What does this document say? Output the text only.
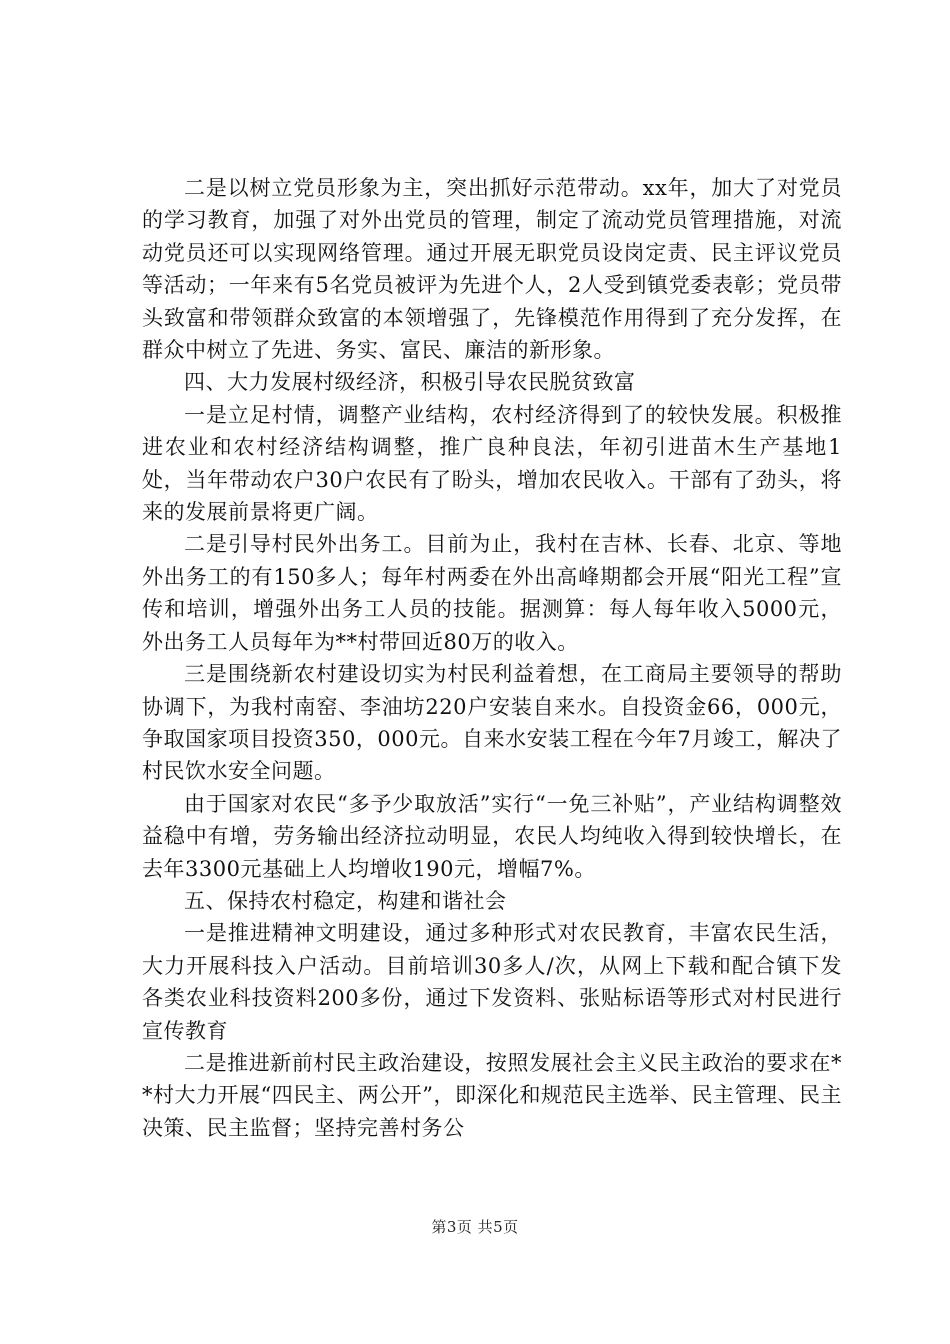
二是以树立党员形象为主，突出抓好示范带动。xx年，加大了对党员的学习教育，加强了对外出党员的管理，制定了流动党员管理措施，对流动党员还可以实现网络管理。通过开展无职党员设岗定责、民主评议党员等活动；一年来有5名党员被评为先进个人，2人受到镇党委表彰；党员带头致富和带领群众致富的本领增强了，先锋模范作用得到了充分发挥，在群众中树立了先进、务实、富民、廉洁的新形象。

四、大力发展村级经济，积极引导农民脱贫致富

一是立足村情，调整产业结构，农村经济得到了的较快发展。积极推进农业和农村经济结构调整，推广良种良法，年初引进苗木生产基地1处，当年带动农户30户农民有了盼头，增加农民收入。干部有了劲头，将来的发展前景将更广阔。

二是引导村民外出务工。目前为止，我村在吉林、长春、北京、等地外出务工的有150多人；每年村两委在外出高峰期都会开展“阳光工程”宣传和培训，增强外出务工人员的技能。据测算：每人每年收入5000元，外出务工人员每年为**村带回近80万的收入。

三是围绕新农村建设切实为村民利益着想，在工商局主要领导的帮助协调下，为我村南窑、李油坊220户安装自来水。自投资金66，000元，争取国家项目投资350，000元。自来水安装工程在今年7月竣工，解决了村民饮水安全问题。

由于国家对农民“多予少取放活”实行“一免三补贴”，产业结构调整效益稳中有增，劳务输出经济拉动明显，农民人均纯收入得到较快增长，在去年3300元基础上人均增收190元，增幅7%。

五、保持农村稳定，构建和谐社会

一是推进精神文明建设，通过多种形式对农民教育，丰富农民生活，大力开展科技入户活动。目前培训30多人/次，从网上下载和配合镇下发各类农业科技资料200多份，通过下发资料、张贴标语等形式对村民进行宣传教育

二是推进新前村民主政治建设，按照发展社会主义民主政治的要求在**村大力开展“四民主、两公开”，即深化和规范民主选举、民主管理、民主决策、民主监督；坚持完善村务公

第3页 共5页
